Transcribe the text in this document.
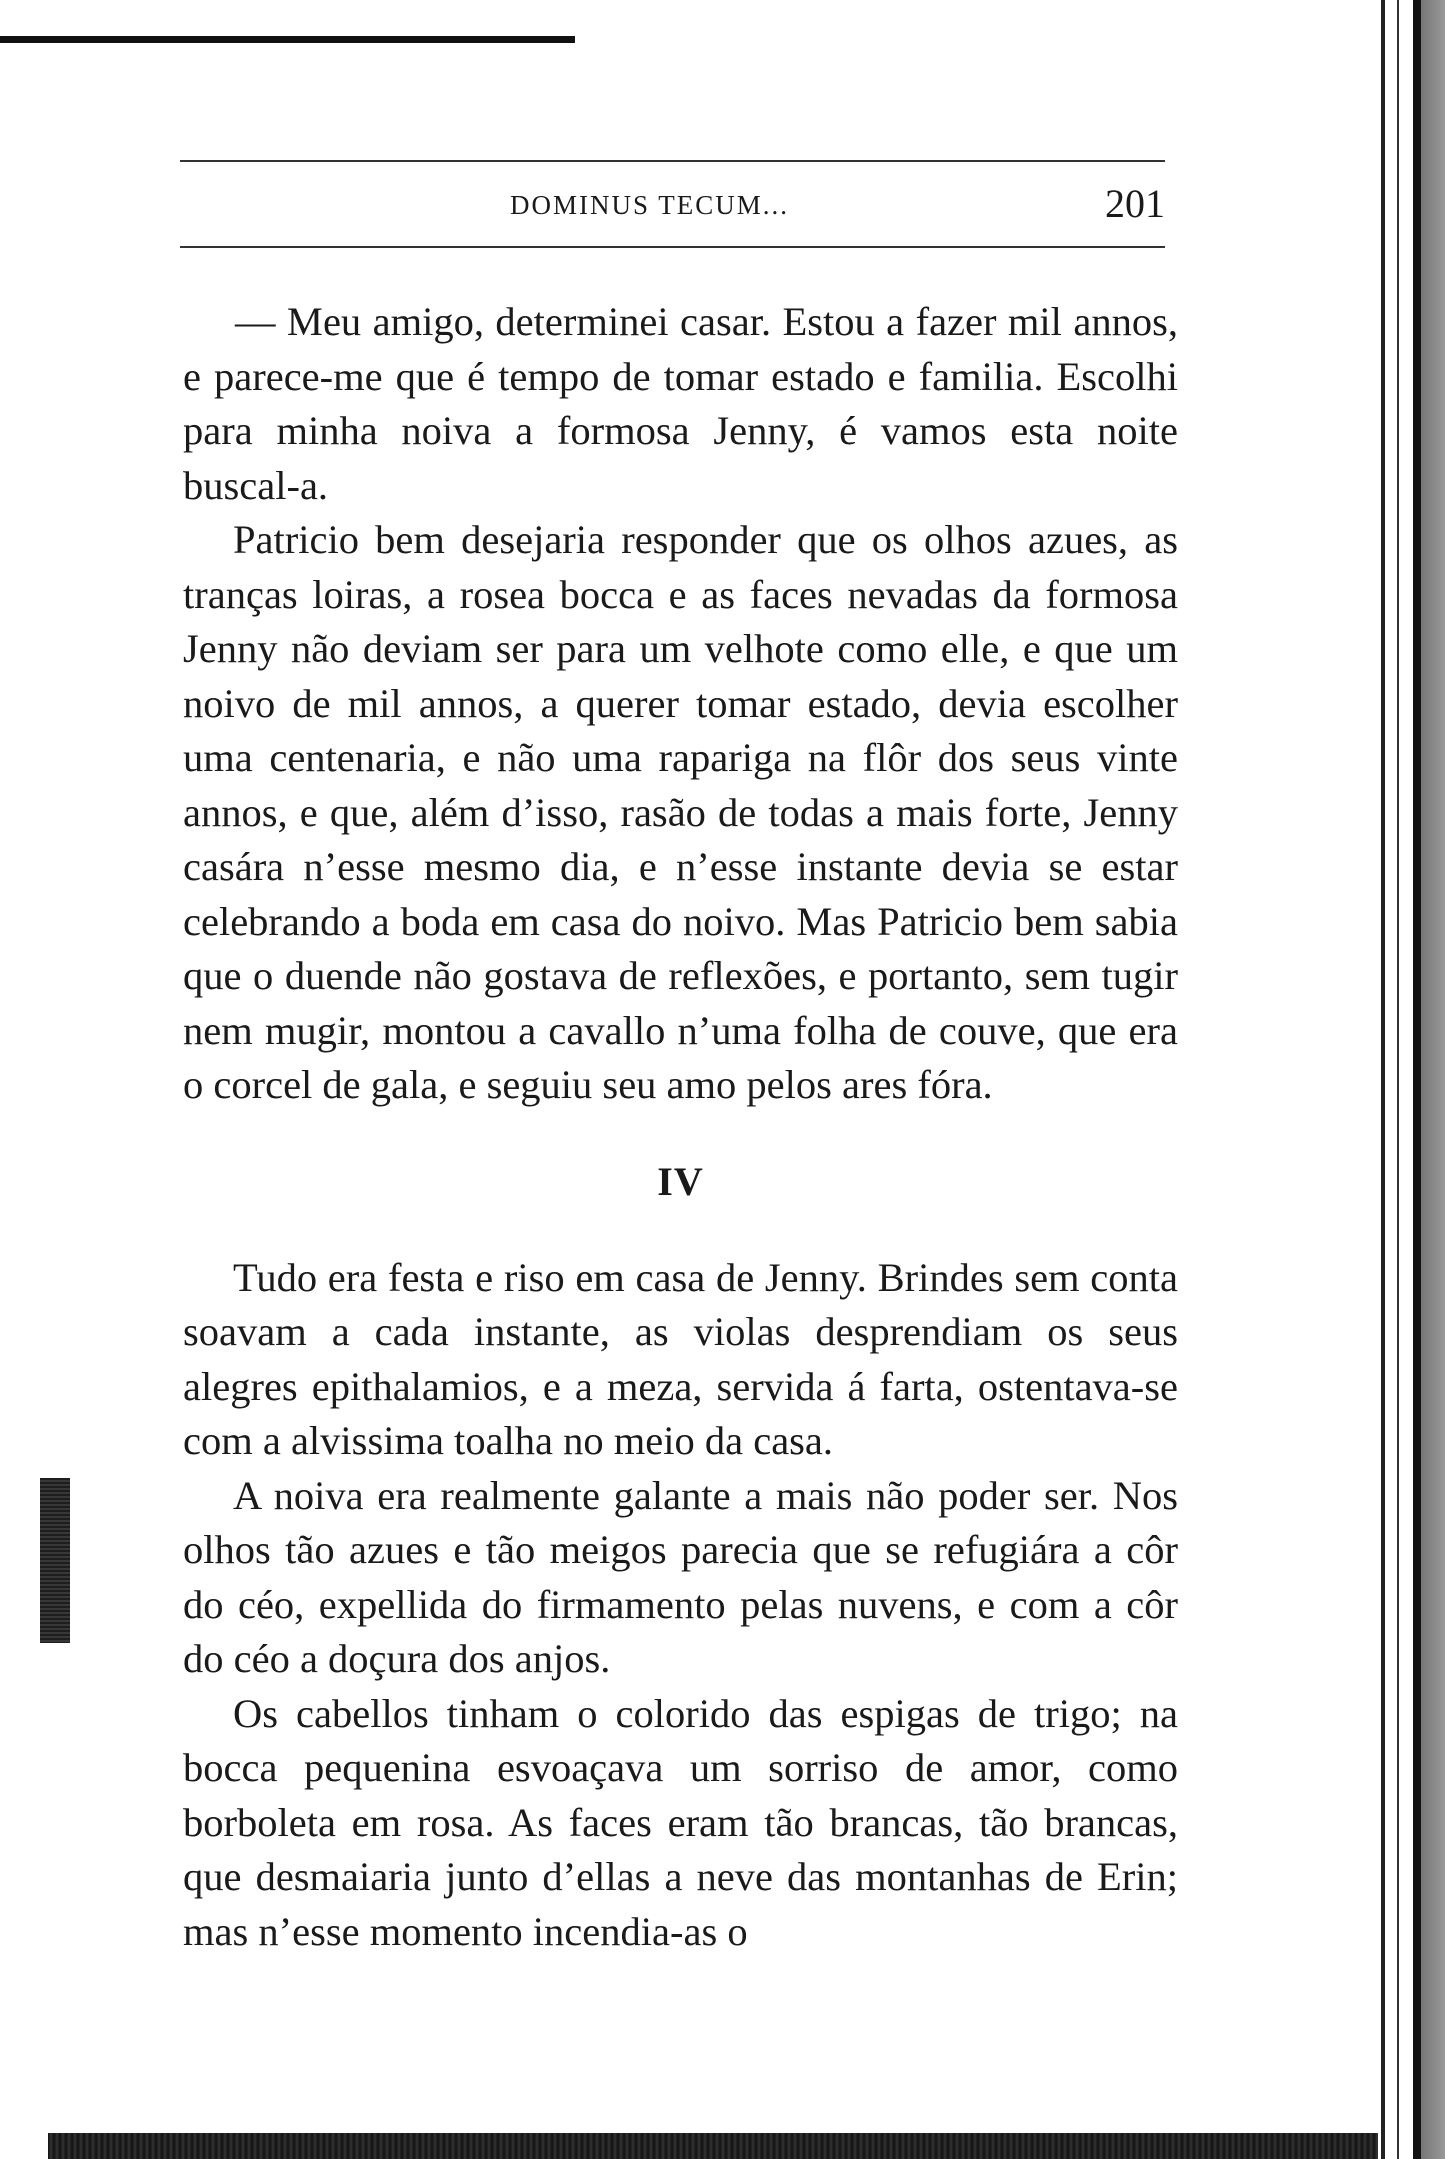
DOMINUS TECUM...	201

— Meu amigo, determinei casar. Estou a fazer mil annos, e parece-me que é tempo de tomar estado e familia. Escolhi para minha noiva a formosa Jenny, é vamos esta noite buscal-a.

Patricio bem desejaria responder que os olhos azues, as tranças loiras, a rosea bocca e as faces nevadas da formosa Jenny não deviam ser para um velhote como elle, e que um noivo de mil annos, a querer tomar estado, devia escolher uma centenaria, e não uma rapariga na flôr dos seus vinte annos, e que, além d’isso, rasão de todas a mais forte, Jenny casára n’esse mesmo dia, e n’esse instante devia se estar celebrando a boda em casa do noivo. Mas Patricio bem sabia que o duende não gostava de reflexões, e portanto, sem tugir nem mugir, montou a cavallo n’uma folha de couve, que era o corcel de gala, e seguiu seu amo pelos ares fóra.

IV

Tudo era festa e riso em casa de Jenny. Brindes sem conta soavam a cada instante, as violas desprendiam os seus alegres epithalamios, e a meza, servida á farta, ostentava-se com a alvissima toalha no meio da casa.

A noiva era realmente galante a mais não poder ser. Nos olhos tão azues e tão meigos parecia que se refugiára a côr do céo, expellida do firmamento pelas nuvens, e com a côr do céo a doçura dos anjos.

Os cabellos tinham o colorido das espigas de trigo; na bocca pequenina esvoaçava um sorriso de amor, como borboleta em rosa. As faces eram tão brancas, tão brancas, que desmaiaria junto d’ellas a neve das montanhas de Erin; mas n’esse momento incendia-as o
